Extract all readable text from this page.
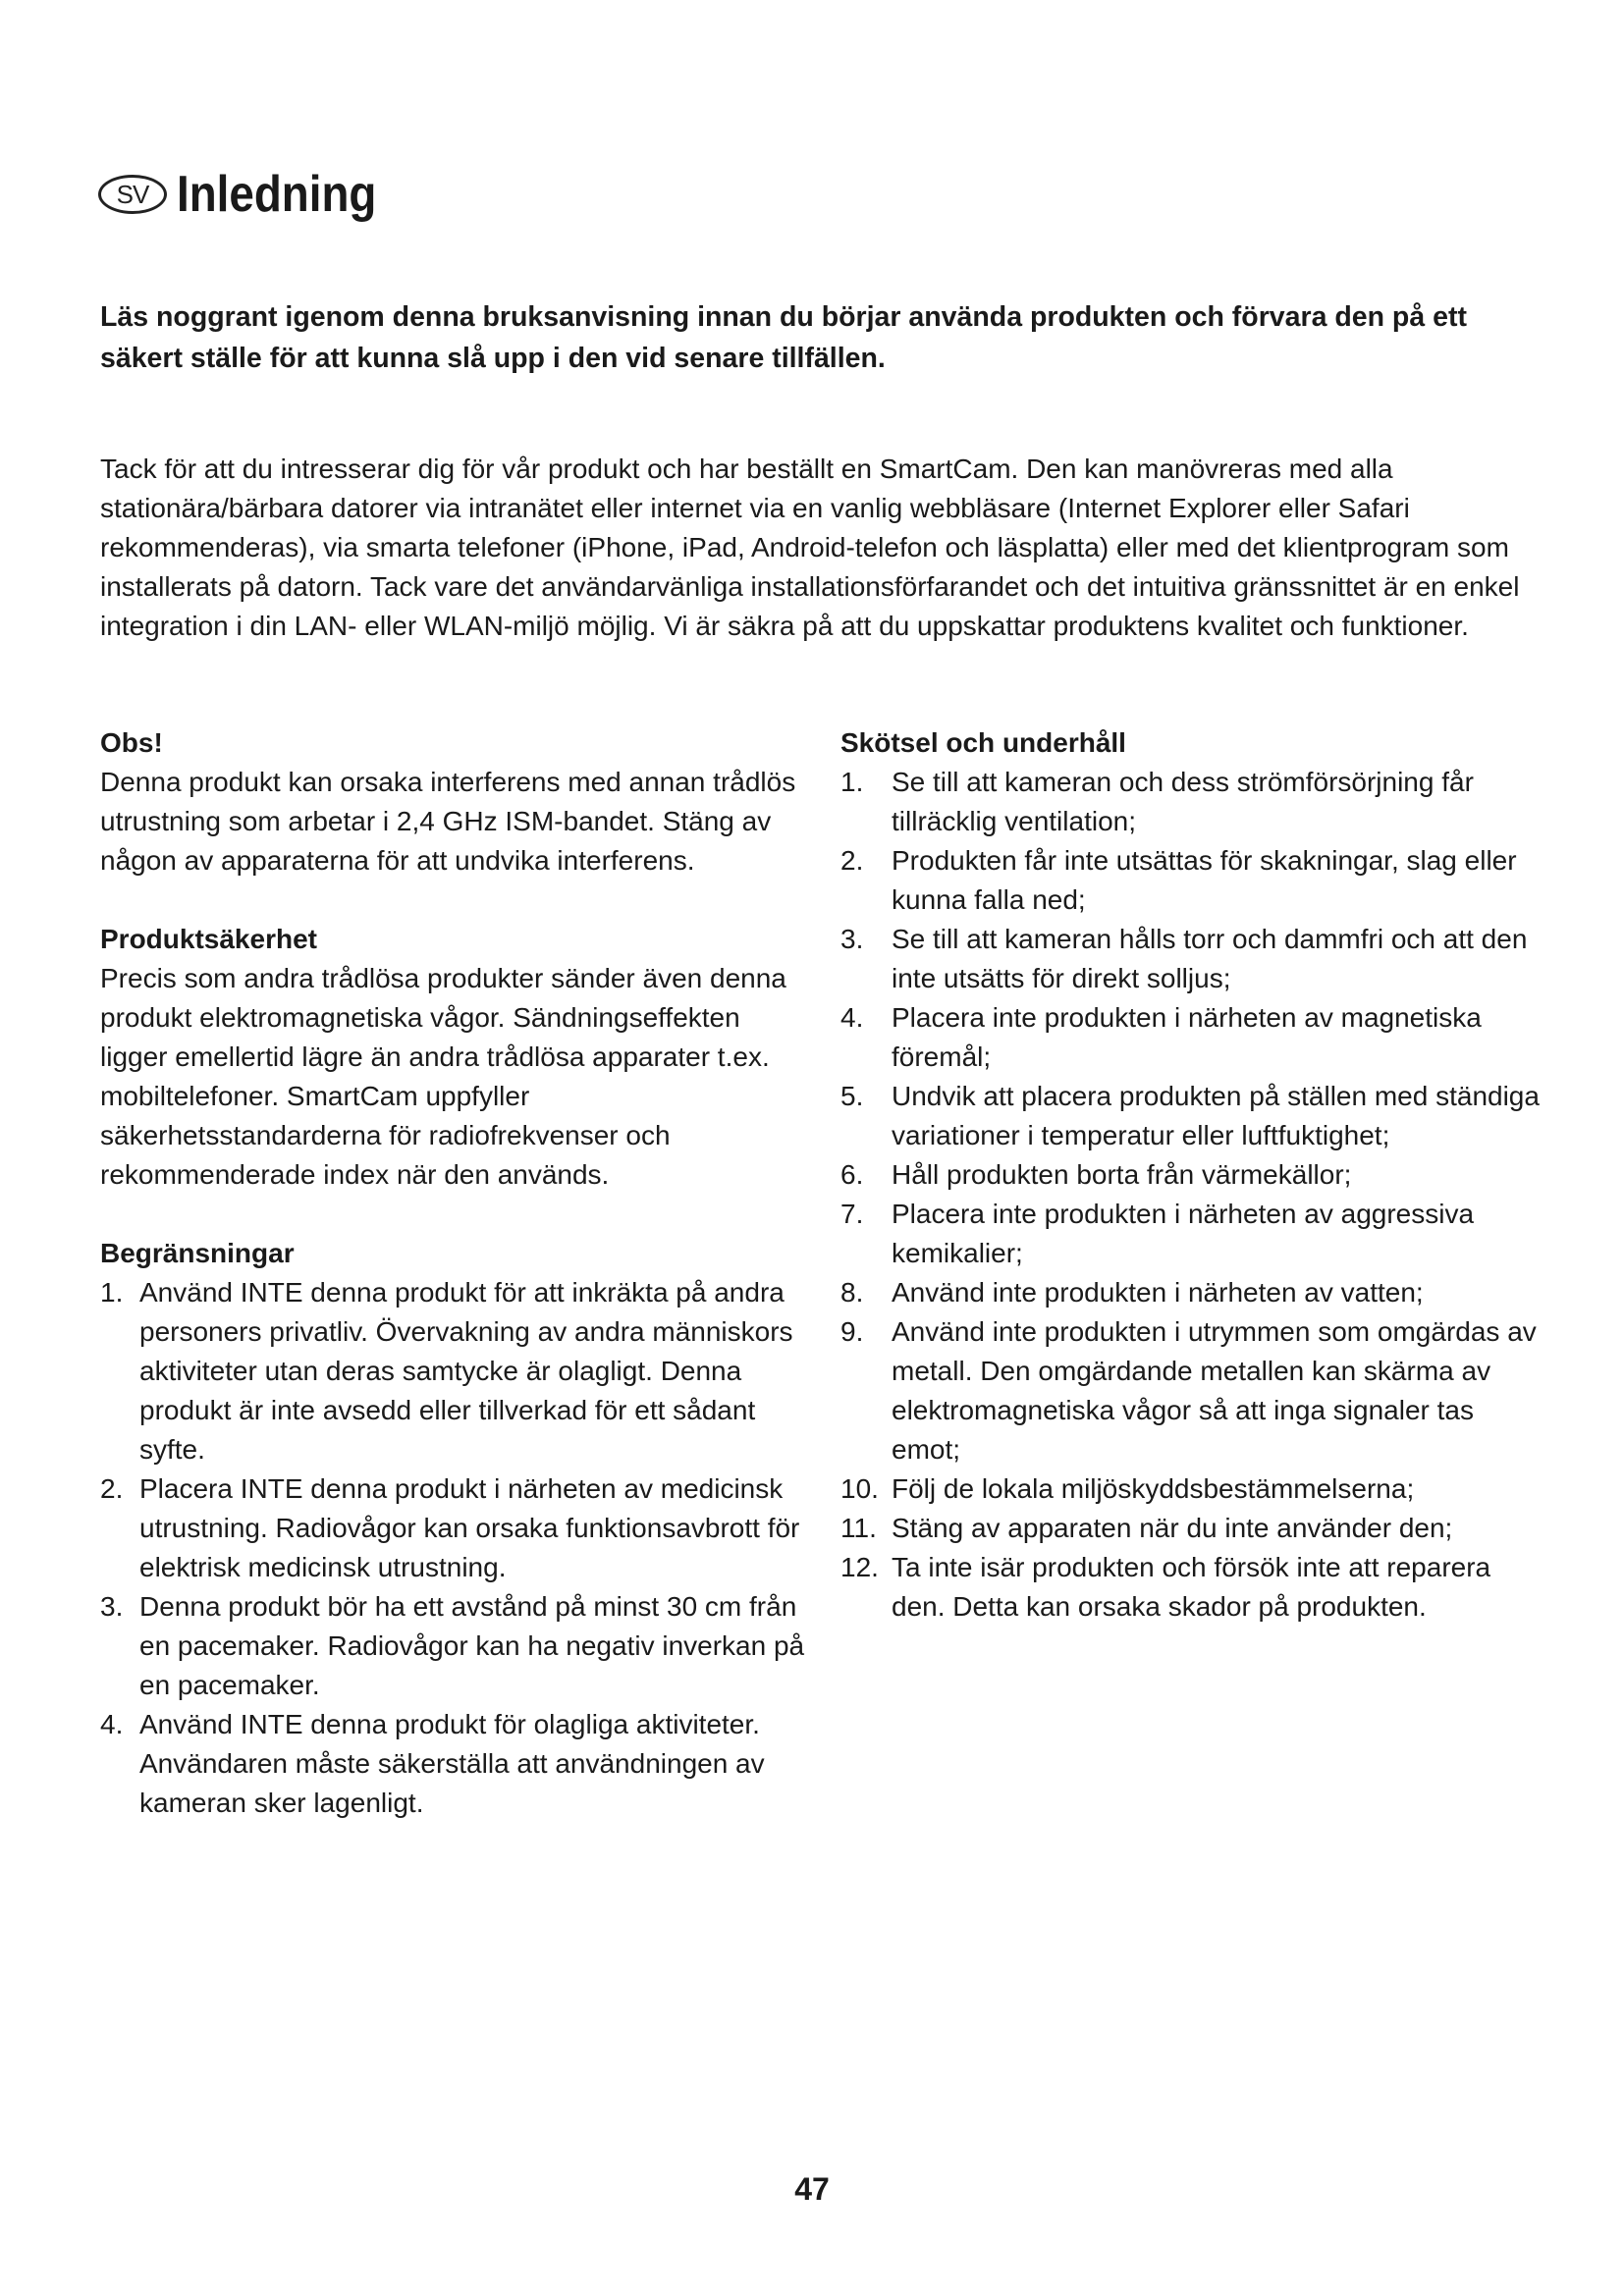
SV Inledning

Läs noggrant igenom denna bruksanvisning innan du börjar använda produkten och förvara den på ett säkert ställe för att kunna slå upp i den vid senare tillfällen.

Tack för att du intresserar dig för vår produkt och har beställt en SmartCam. Den kan manövreras med alla stationära/bärbara datorer via intranätet eller internet via en vanlig webbläsare (Internet Explorer eller Safari rekommenderas), via smarta telefoner (iPhone, iPad, Android-telefon och läsplatta) eller med det klientprogram som installerats på datorn. Tack vare det användarvänliga installationsförfarandet och det intuitiva gränssnittet är en enkel integration i din LAN- eller WLAN-miljö möjlig. Vi är säkra på att du uppskattar produktens kvalitet och funktioner.

Obs!

Denna produkt kan orsaka interferens med annan trådlös utrustning som arbetar i 2,4 GHz ISM-bandet. Stäng av någon av apparaterna för att undvika interferens.

Produktsäkerhet

Precis som andra trådlösa produkter sänder även denna produkt elektromagnetiska vågor. Sändningseffekten ligger emellertid lägre än andra trådlösa apparater t.ex. mobiltelefoner. SmartCam uppfyller säkerhetsstandarderna för radiofrekvenser och rekommenderade index när den används.

Begränsningar
1. Använd INTE denna produkt för att inkräkta på andra personers privatliv. Övervakning av andra människors aktiviteter utan deras samtycke är olagligt. Denna produkt är inte avsedd eller tillverkad för ett sådant syfte.
2. Placera INTE denna produkt i närheten av medicinsk utrustning. Radiovågor kan orsaka funktionsavbrott för elektrisk medicinsk utrustning.
3. Denna produkt bör ha ett avstånd på minst 30 cm från en pacemaker. Radiovågor kan ha negativ inverkan på en pacemaker.
4. Använd INTE denna produkt för olagliga aktiviteter. Användaren måste säkerställa att användningen av kameran sker lagenligt.
Skötsel och underhåll
1. Se till att kameran och dess strömförsörjning får tillräcklig ventilation;
2. Produkten får inte utsättas för skakningar, slag eller kunna falla ned;
3. Se till att kameran hålls torr och dammfri och att den inte utsätts för direkt solljus;
4. Placera inte produkten i närheten av magnetiska föremål;
5. Undvik att placera produkten på ställen med ständiga variationer i temperatur eller luftfuktighet;
6. Håll produkten borta från värmekällor;
7. Placera inte produkten i närheten av aggressiva kemikalier;
8. Använd inte produkten i närheten av vatten;
9. Använd inte produkten i utrymmen som omgärdas av metall. Den omgärdande metallen kan skärma av elektromagnetiska vågor så att inga signaler tas emot;
10. Följ de lokala miljöskyddsbestämmelserna;
11. Stäng av apparaten när du inte använder den;
12. Ta inte isär produkten och försök inte att reparera den. Detta kan orsaka skador på produkten.

47
